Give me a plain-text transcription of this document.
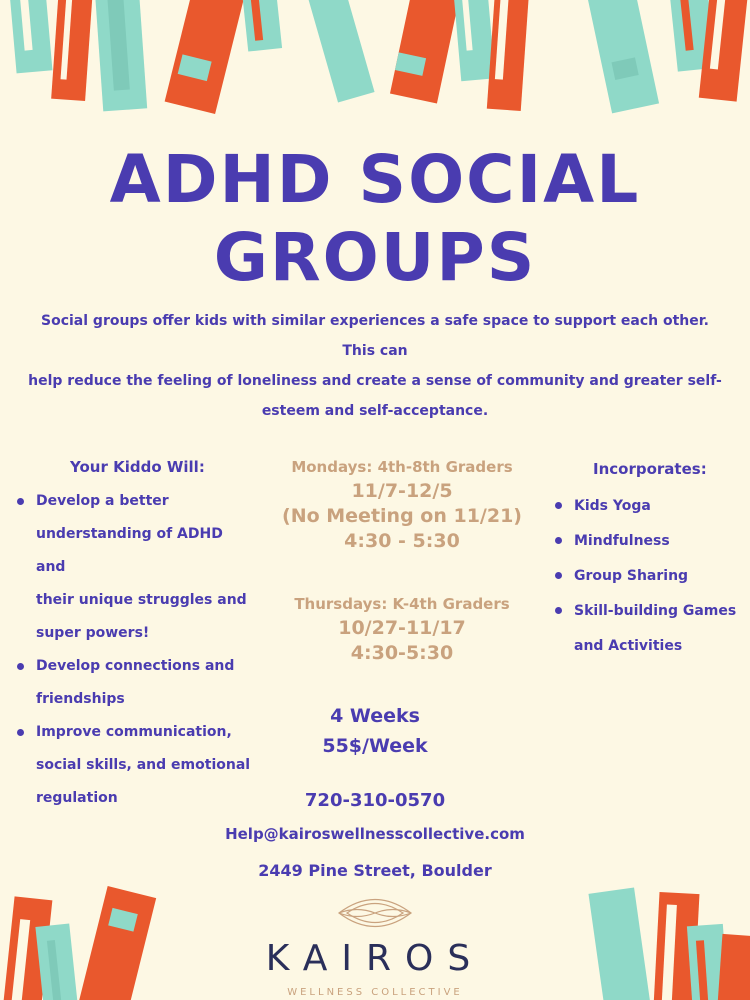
ADHD SOCIAL
GROUPS
Social groups offer kids with similar experiences a safe space to support each other. This can
help reduce the feeling of loneliness and create a sense of community and greater self-
esteem and self-acceptance.
Your Kiddo Will:
Develop a better
understanding of ADHD and
their unique struggles and
super powers!
Develop connections and
friendships
Improve communication,
social skills, and emotional
regulation
Mondays: 4th-8th Graders
11/7-12/5
(No Meeting on 11/21)
4:30 - 5:30
Thursdays: K-4th Graders
10/27-11/17
4:30-5:30
4 Weeks
55$/Week
Incorporates:
Kids Yoga
Mindfulness
Group Sharing
Skill-building Games
and Activities
720-310-0570
Help@kairoswellnesscollective.com
2449 Pine Street, Boulder
KAIROS
WELLNESS COLLECTIVE
